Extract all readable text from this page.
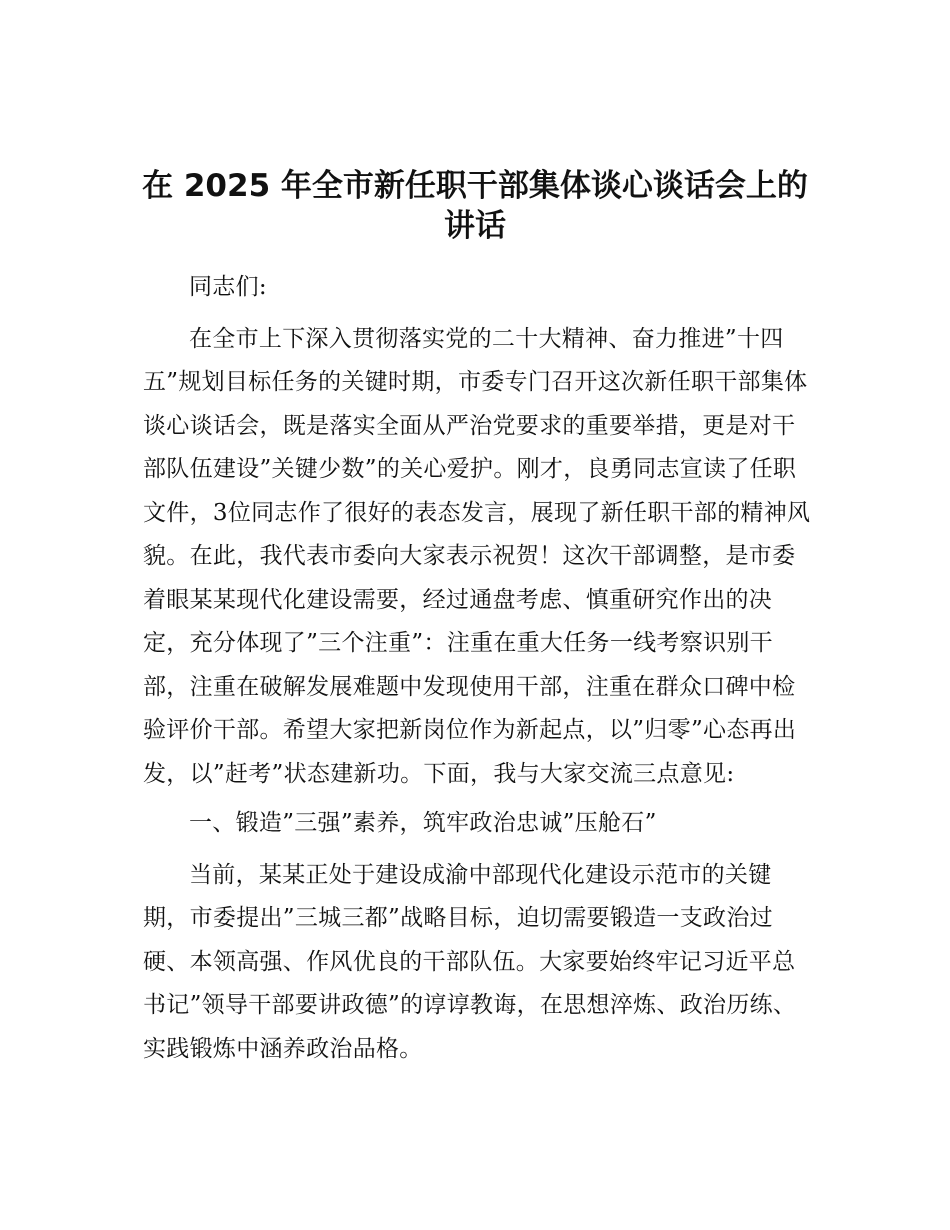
在 2025 年全市新任职干部集体谈心谈话会上的讲话

同志们:

在全市上下深入贯彻落实党的二十大精神、奋力推进”十四五”规划目标任务的关键时期，市委专门召开这次新任职干部集体谈心谈话会，既是落实全面从严治党要求的重要举措，更是对干部队伍建设”关键少数”的关心爱护。刚才，良勇同志宣读了任职文件，3位同志作了很好的表态发言，展现了新任职干部的精神风貌。在此，我代表市委向大家表示祝贺！这次干部调整，是市委着眼某某现代化建设需要，经过通盘考虑、慎重研究作出的决定，充分体现了”三个注重”：注重在重大任务一线考察识别干部，注重在破解发展难题中发现使用干部，注重在群众口碑中检验评价干部。希望大家把新岗位作为新起点，以”归零”心态再出发，以”赶考”状态建新功。下面，我与大家交流三点意见:

一、锻造”三强”素养，筑牢政治忠诚”压舱石”

当前，某某正处于建设成渝中部现代化建设示范市的关键期，市委提出”三城三都”战略目标，迫切需要锻造一支政治过硬、本领高强、作风优良的干部队伍。大家要始终牢记习近平总书记”领导干部要讲政德”的谆谆教诲，在思想淬炼、政治历练、实践锻炼中涵养政治品格。
